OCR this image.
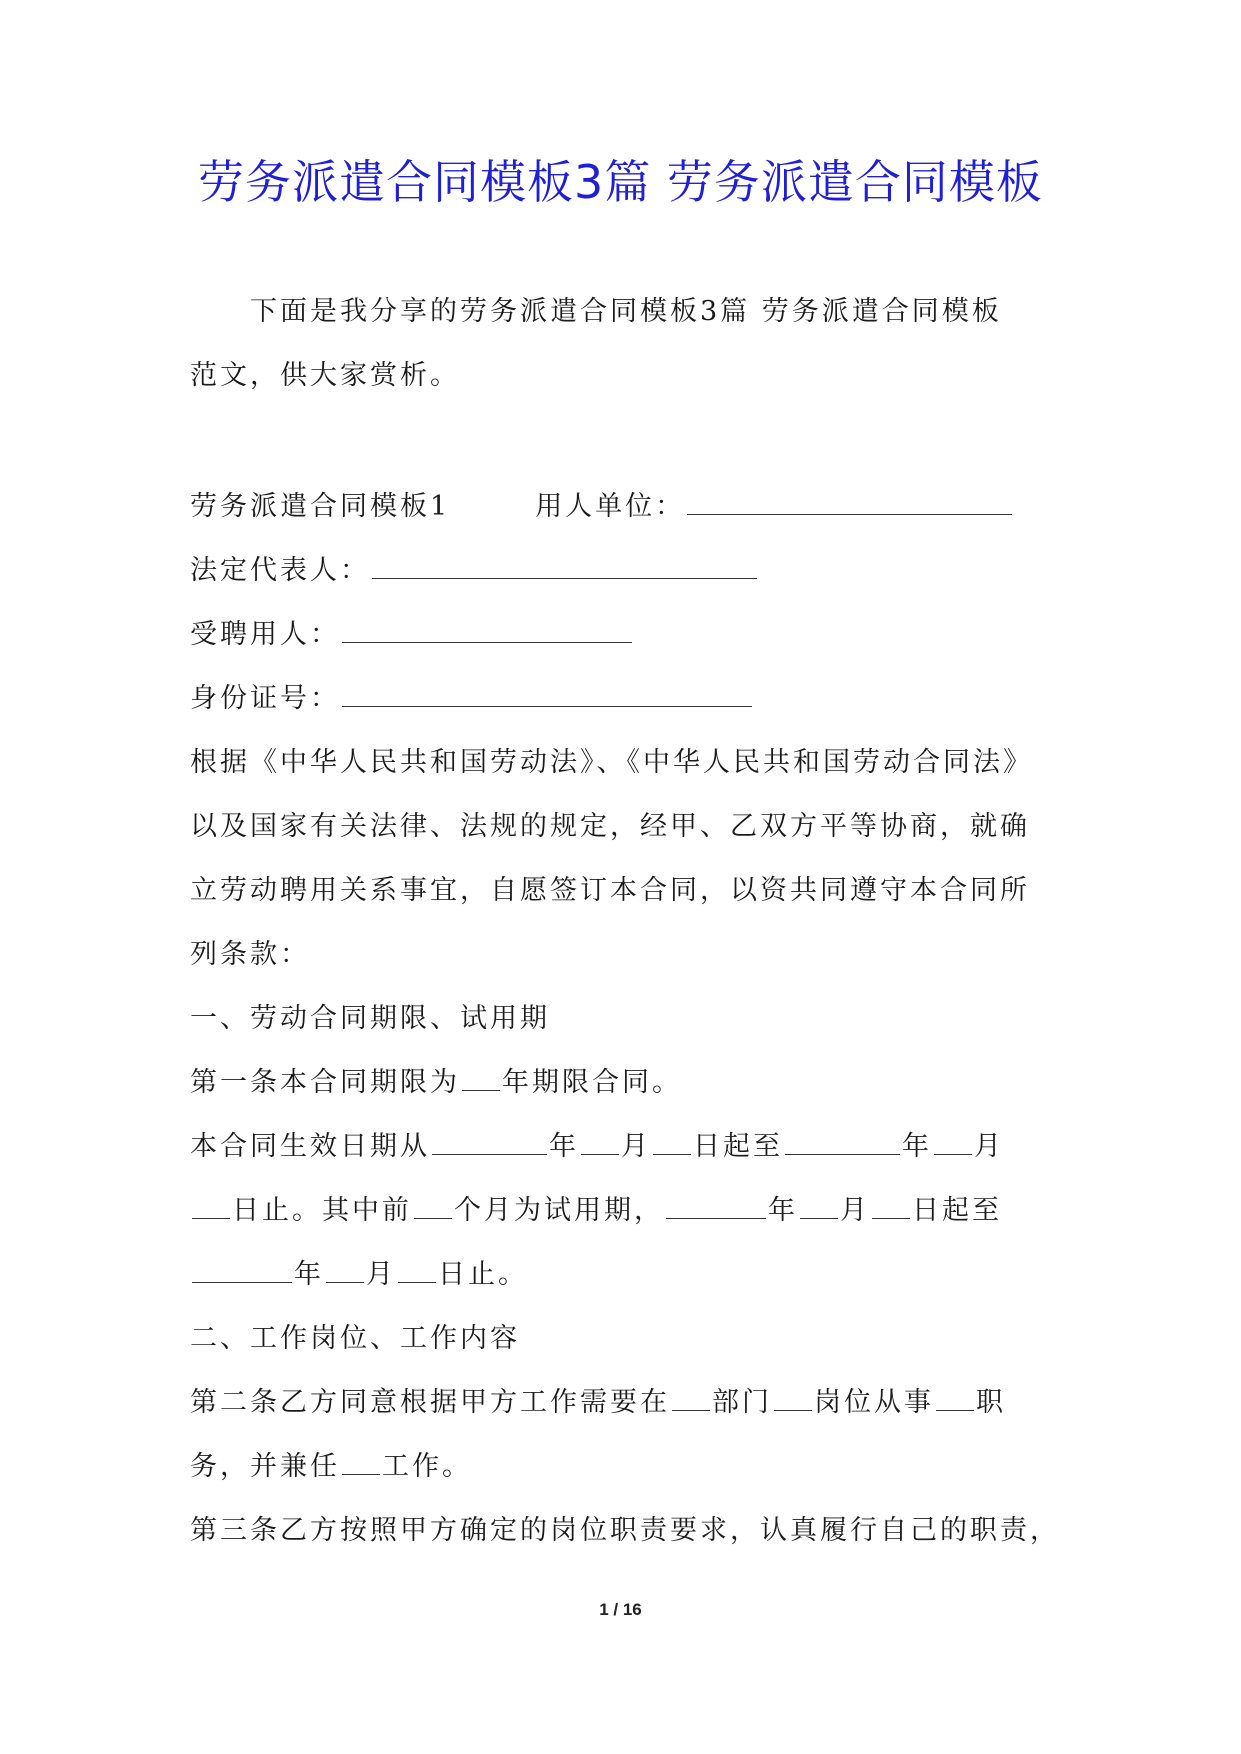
劳务派遣合同模板3篇 劳务派遣合同模板
下面是我分享的劳务派遣合同模板3篇 劳务派遣合同模板
范文，供大家赏析。
劳务派遣合同模板1	用人单位：
法定代表人：
受聘用人：
身份证号：
根据《中华人民共和国劳动法》、《中华人民共和国劳动合同法》
以及国家有关法律、法规的规定，经甲、乙双方平等协商，就确
立劳动聘用关系事宜，自愿签订本合同，以资共同遵守本合同所
列条款：
一、劳动合同期限、试用期
第一条本合同期限为 年期限合同。
本合同生效日期从	年 月 日起至	年 月
日止。其中前 个月为试用期，	年 月 日起至
年 月 日止。
二、工作岗位、工作内容
第二条乙方同意根据甲方工作需要在 部门 岗位从事 职
务，并兼任 工作。
第三条乙方按照甲方确定的岗位职责要求，认真履行自己的职责，
1 / 16
